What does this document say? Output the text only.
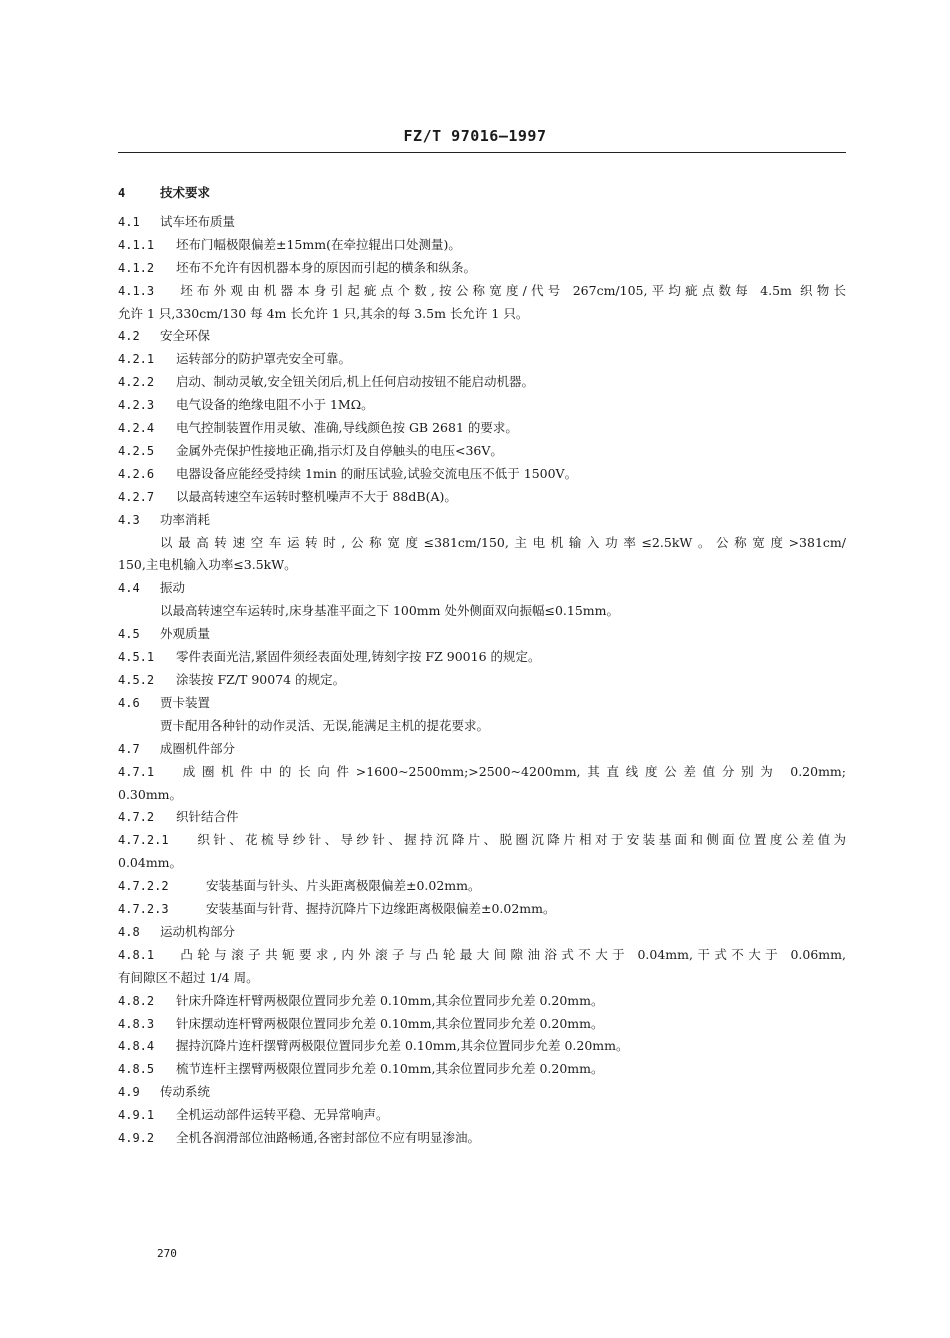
FZ/T 97016—1997
4	技术要求
4.1 试车坯布质量
4.1.1 坯布门幅极限偏差±15mm(在牵拉辊出口处测量)。
4.1.2 坯布不允许有因机器本身的原因而引起的横条和纵条。
4.1.3 坯布外观由机器本身引起疵点个数,按公称宽度/代号 267cm/105,平均疵点数每 4.5m 织物长
允许 1 只,330cm/130 每 4m 长允许 1 只,其余的每 3.5m 长允许 1 只。
4.2 安全环保
4.2.1 运转部分的防护罩壳安全可靠。
4.2.2 启动、制动灵敏,安全钮关闭后,机上任何启动按钮不能启动机器。
4.2.3 电气设备的绝缘电阻不小于 1MΩ。
4.2.4 电气控制装置作用灵敏、准确,导线颜色按 GB 2681 的要求。
4.2.5 金属外壳保护性接地正确,指示灯及自停触头的电压<36V。
4.2.6 电器设备应能经受持续 1min 的耐压试验,试验交流电压不低于 1500V。
4.2.7 以最高转速空车运转时整机噪声不大于 88dB(A)。
4.3 功率消耗
以最高转速空车运转时,公称宽度≤381cm/150,主电机输入功率≤2.5kW。公称宽度>381cm/
150,主电机输入功率≤3.5kW。
4.4 振动
以最高转速空车运转时,床身基准平面之下 100mm 处外侧面双向振幅≤0.15mm。
4.5 外观质量
4.5.1 零件表面光洁,紧固件须经表面处理,铸刻字按 FZ 90016 的规定。
4.5.2 涂装按 FZ/T 90074 的规定。
4.6 贾卡装置
贾卡配用各种针的动作灵活、无误,能满足主机的提花要求。
4.7 成圈机件部分
4.7.1 成圈机件中的长向件>1600~2500mm;>2500~4200mm,其直线度公差值分别为 0.20mm;
0.30mm。
4.7.2 织针结合件
4.7.2.1 织针、花梳导纱针、导纱针、握持沉降片、脱圈沉降片相对于安装基面和侧面位置度公差值为
0.04mm。
4.7.2.2	安装基面与针头、片头距离极限偏差±0.02mm。
4.7.2.3	安装基面与针背、握持沉降片下边缘距离极限偏差±0.02mm。
4.8 运动机构部分
4.8.1 凸轮与滚子共轭要求,内外滚子与凸轮最大间隙油浴式不大于 0.04mm,干式不大于 0.06mm,
有间隙区不超过 1/4 周。
4.8.2 针床升降连杆臂两极限位置同步允差 0.10mm,其余位置同步允差 0.20mm。
4.8.3 针床摆动连杆臂两极限位置同步允差 0.10mm,其余位置同步允差 0.20mm。
4.8.4 握持沉降片连杆摆臂两极限位置同步允差 0.10mm,其余位置同步允差 0.20mm。
4.8.5 梳节连杆主摆臂两极限位置同步允差 0.10mm,其余位置同步允差 0.20mm。
4.9 传动系统
4.9.1 全机运动部件运转平稳、无异常响声。
4.9.2 全机各润滑部位油路畅通,各密封部位不应有明显渗油。
270
